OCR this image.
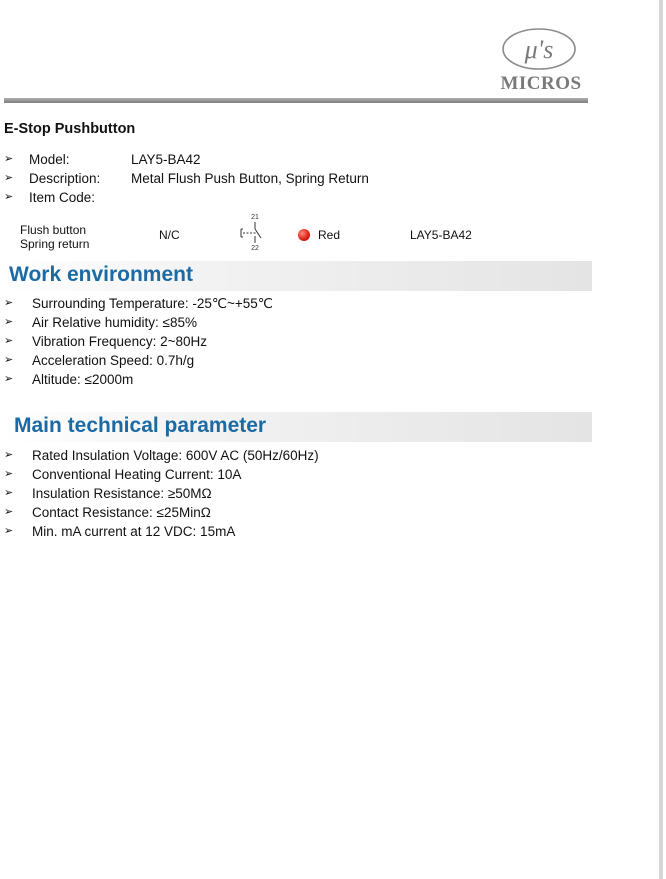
μ's
MICROS
E-Stop Pushbutton
➢ Model:	LAY5-BA42
➢ Description: Metal Flush Push Button, Spring Return
➢ Item Code:
Flush button
Spring return
N/C
21
22
Red	LAY5-BA42
Work environment
➢ Surrounding Temperature: -25℃~+55℃
➢ Air Relative humidity: ≤85%
➢ Vibration Frequency: 2~80Hz
➢ Acceleration Speed: 0.7h/g
➢ Altitude: ≤2000m
Main technical parameter
➢ Rated Insulation Voltage: 600V AC (50Hz/60Hz)
➢ Conventional Heating Current: 10A
➢ Insulation Resistance: ≥50MΩ
➢ Contact Resistance: ≤25MinΩ
➢ Min. mA current at 12 VDC: 15mA
